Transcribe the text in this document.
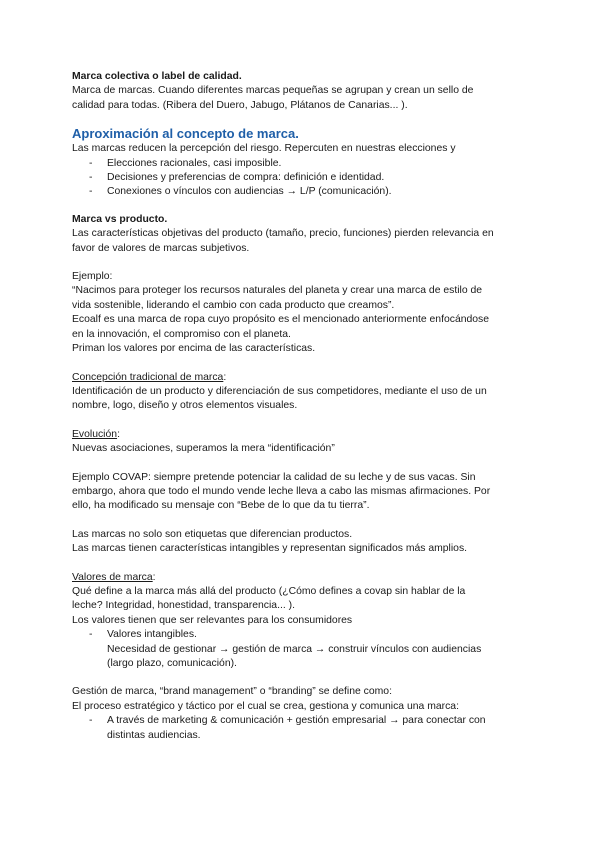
Marca colectiva o label de calidad.

Marca de marcas. Cuando diferentes marcas pequeñas se agrupan y crean un sello de

calidad para todas. (Ribera del Duero, Jabugo, Plátanos de Canarias... ).

Aproximación al concepto de marca.

Las marcas reducen la percepción del riesgo. Repercuten en nuestras elecciones y

- Elecciones racionales, casi imposible.
- Decisiones y preferencias de compra: definición e identidad.
- Conexiones o vínculos con audiencias → L/P (comunicación).

Marca vs producto.

Las características objetivas del producto (tamaño, precio, funciones) pierden relevancia en

favor de valores de marcas subjetivos.

Ejemplo:

“Nacimos para proteger los recursos naturales del planeta y crear una marca de estilo de

vida sostenible, liderando el cambio con cada producto que creamos”.

Ecoalf es una marca de ropa cuyo propósito es el mencionado anteriormente enfocándose

en la innovación, el compromiso con el planeta.

Priman los valores por encima de las características.

Concepción tradicional de marca:

Identificación de un producto y diferenciación de sus competidores, mediante el uso de un

nombre, logo, diseño y otros elementos visuales.

Evolución:

Nuevas asociaciones, superamos la mera “identificación”

Ejemplo COVAP: siempre pretende potenciar la calidad de su leche y de sus vacas. Sin

embargo, ahora que todo el mundo vende leche lleva a cabo las mismas afirmaciones. Por

ello, ha modificado su mensaje con “Bebe de lo que da tu tierra”.

Las marcas no solo son etiquetas que diferencian productos.

Las marcas tienen características intangibles y representan significados más amplios.

Valores de marca:

Qué define a la marca más allá del producto (¿Cómo defines a covap sin hablar de la

leche? Integridad, honestidad, transparencia... ).

Los valores tienen que ser relevantes para los consumidores

- Valores intangibles.
Necesidad de gestionar → gestión de marca → construir vínculos con audiencias
(largo plazo, comunicación).

Gestión de marca, “brand management” o “branding” se define como:

El proceso estratégico y táctico por el cual se crea, gestiona y comunica una marca:

- A través de marketing & comunicación + gestión empresarial → para conectar con
distintas audiencias.
